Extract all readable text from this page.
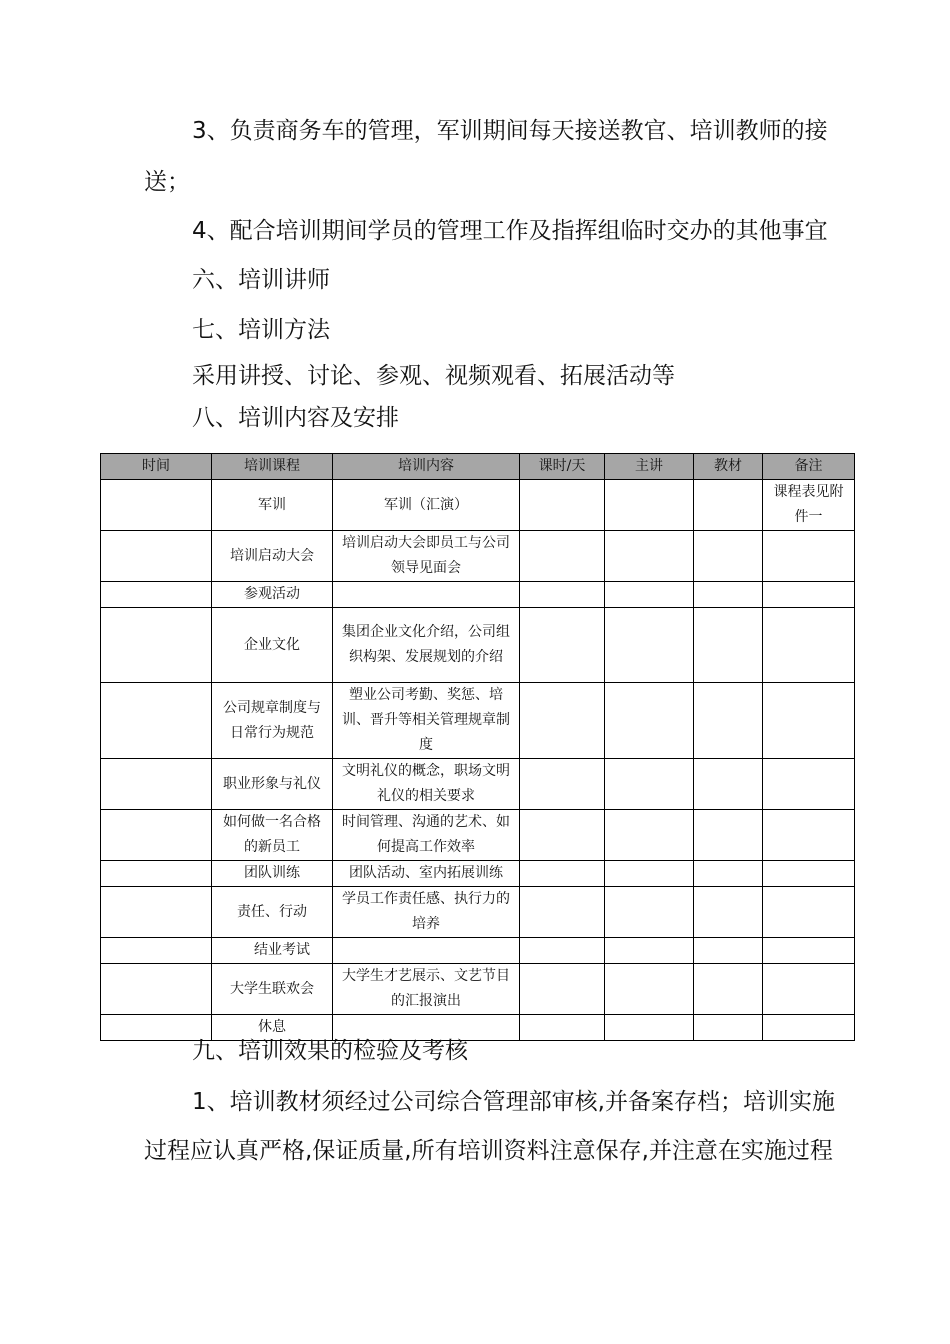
3、负责商务车的管理，军训期间每天接送教官、培训教师的接
送；
4、配合培训期间学员的管理工作及指挥组临时交办的其他事宜
六、培训讲师
七、培训方法
采用讲授、讨论、参观、视频观看、拓展活动等
八、培训内容及安排
时间	培训课程	培训内容	课时/天	主讲	教材	备注
	军训	军训（汇演）				课程表见附件一
	培训启动大会	培训启动大会即员工与公司领导见面会				
	参观活动					
	企业文化	集团企业文化介绍，公司组织构架、发展规划的介绍				
	公司规章制度与日常行为规范	塑业公司考勤、奖惩、培训、晋升等相关管理规章制度				
	职业形象与礼仪	文明礼仪的概念，职场文明礼仪的相关要求				
	如何做一名合格的新员工	时间管理、沟通的艺术、如何提高工作效率				
	团队训练	团队活动、室内拓展训练				
	责任、行动	学员工作责任感、执行力的培养				
	结业考试					
	大学生联欢会	大学生才艺展示、文艺节目的汇报演出				
	休息					
九、培训效果的检验及考核
1、培训教材须经过公司综合管理部审核,并备案存档；培训实施
过程应认真严格,保证质量,所有培训资料注意保存,并注意在实施过程
